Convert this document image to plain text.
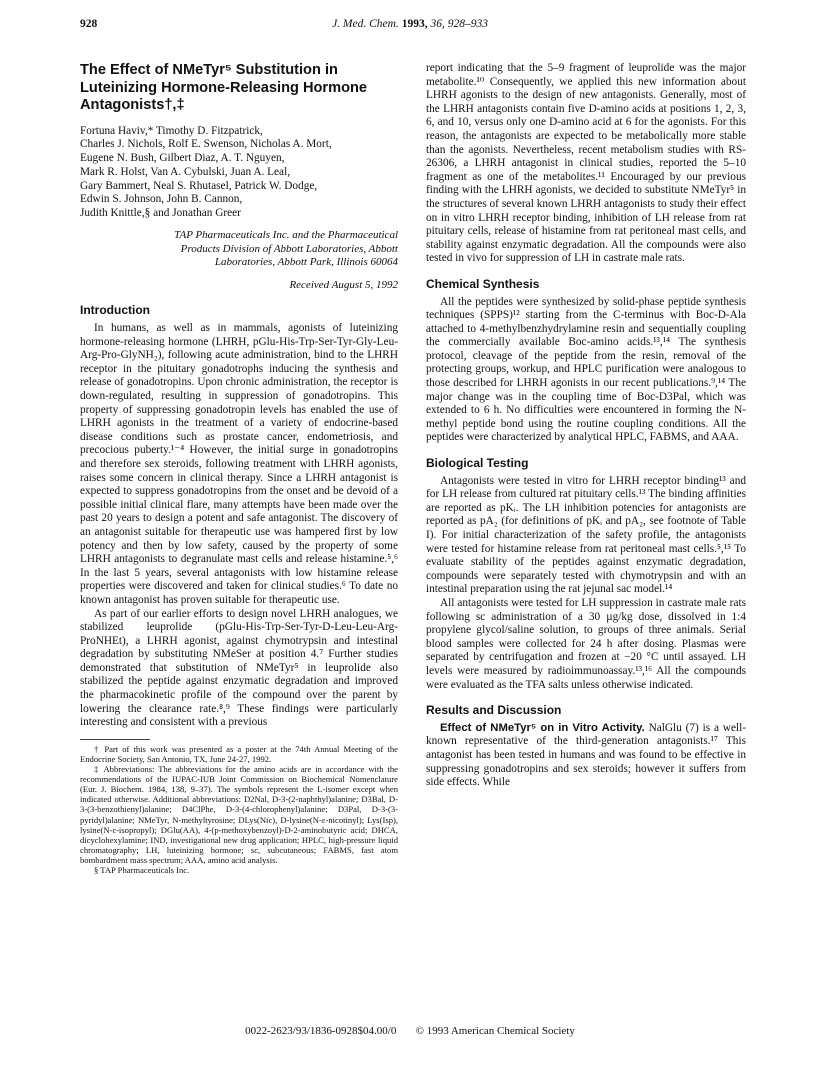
928	J. Med. Chem. 1993, 36, 928–933
The Effect of NMeTyr⁵ Substitution in Luteinizing Hormone-Releasing Hormone Antagonists†,‡
Fortuna Haviv,* Timothy D. Fitzpatrick,
Charles J. Nichols, Rolf E. Swenson, Nicholas A. Mort,
Eugene N. Bush, Gilbert Diaz, A. T. Nguyen,
Mark R. Holst, Van A. Cybulski, Juan A. Leal,
Gary Bammert, Neal S. Rhutasel, Patrick W. Dodge,
Edwin S. Johnson, John B. Cannon,
Judith Knittle,§ and Jonathan Greer
TAP Pharmaceuticals Inc. and the Pharmaceutical
Products Division of Abbott Laboratories, Abbott
Laboratories, Abbott Park, Illinois 60064
Received August 5, 1992
Introduction

In humans, as well as in mammals, agonists of luteinizing hormone-releasing hormone (LHRH, pGlu-His-Trp-Ser-Tyr-Gly-Leu-Arg-Pro-GlyNH₂), following acute administration, bind to the LHRH receptor in the pituitary gonadotrophs inducing the synthesis and release of gonadotropins. Upon chronic administration, the receptor is down-regulated, resulting in suppression of gonadotropins. This property of suppressing gonadotropin levels has enabled the use of LHRH agonists in the treatment of a variety of endocrine-based disease conditions such as prostate cancer, endometriosis, and precocious puberty.¹⁻⁴ However, the initial surge in gonadotropins and therefore sex steroids, following treatment with LHRH agonists, raises some concern in clinical therapy. Since a LHRH antagonist is expected to suppress gonadotropins from the onset and be devoid of a possible initial clinical flare, many attempts have been made over the past 20 years to design a potent and safe antagonist. The discovery of an antagonist suitable for therapeutic use was hampered first by low potency and then by low safety, caused by the property of some LHRH antagonists to degranulate mast cells and release histamine.⁵,⁶ In the last 5 years, several antagonists with low histamine release properties were discovered and taken for clinical studies.⁶ To date no known antagonist has proven suitable for therapeutic use.

As part of our earlier efforts to design novel LHRH analogues, we stabilized leuprolide (pGlu-His-Trp-Ser-Tyr-D-Leu-Leu-Arg-ProNHEt), a LHRH agonist, against chymotrypsin and intestinal degradation by substituting NMeSer at position 4.⁷ Further studies demonstrated that substitution of NMeTyr⁵ in leuprolide also stabilized the peptide against enzymatic degradation and improved the pharmacokinetic profile of the compound over the parent by lowering the clearance rate.⁸,⁹ These findings were particularly interesting and consistent with a previous

† Part of this work was presented as a poster at the 74th Annual Meeting of the Endocrine Society, San Antonio, TX, June 24-27, 1992.

‡ Abbreviations: The abbreviations for the amino acids are in accordance with the recommendations of the IUPAC-IUB Joint Commission on Biochemical Nomenclature (Eur. J. Biochem. 1984, 138, 9–37). The symbols represent the L-isomer except when indicated otherwise. Additional abbreviations: D2Nal, D-3-(2-naphthyl)alanine; D3Bal, D-3-(3-benzothienyl)alanine; D4ClPhe, D-3-(4-chlorophenyl)alanine; D3Pal, D-3-(3-pyridyl)alanine; NMeTyr, N-methyltyrosine; DLys(Nic), D-lysine(N-ε-nicotinyl); Lys(Isp), lysine(N-ε-isopropyl); DGlu(AA), 4-(p-methoxybenzoyl)-D-2-aminobutyric acid; DHCA, dicyclohexylamine; IND, investigational new drug application; HPLC, high-pressure liquid chromatography; LH, luteinizing hormone; sc, subcutaneous; FABMS, fast atom bombardment mass spectrum; AAA, amino acid analysis.

§ TAP Pharmaceuticals Inc.

report indicating that the 5–9 fragment of leuprolide was the major metabolite.¹⁰ Consequently, we applied this new information about LHRH agonists to the design of new antagonists. Generally, most of the LHRH antagonists contain five D-amino acids at positions 1, 2, 3, 6, and 10, versus only one D-amino acid at 6 for the agonists. For this reason, the antagonists are expected to be metabolically more stable than the agonists. Nevertheless, recent metabolism studies with RS-26306, a LHRH antagonist in clinical studies, reported the 5–10 fragment as one of the metabolites.¹¹ Encouraged by our previous finding with the LHRH agonists, we decided to substitute NMeTyr⁵ in the structures of several known LHRH antagonists to study their effect on in vitro LHRH receptor binding, inhibition of LH release from rat pituitary cells, release of histamine from rat peritoneal mast cells, and stability against enzymatic degradation. All the compounds were also tested in vivo for suppression of LH in castrate male rats.

Chemical Synthesis

All the peptides were synthesized by solid-phase peptide synthesis techniques (SPPS)¹² starting from the C-terminus with Boc-D-Ala attached to 4-methylbenzhydrylamine resin and sequentially coupling the commercially available Boc-amino acids.¹³,¹⁴ The synthesis protocol, cleavage of the peptide from the resin, removal of the protecting groups, workup, and HPLC purification were analogous to those described for LHRH agonists in our recent publications.⁹,¹⁴ The major change was in the coupling time of Boc-D3Pal, which was extended to 6 h. No difficulties were encountered in forming the N-methyl peptide bond using the routine coupling conditions. All the peptides were characterized by analytical HPLC, FABMS, and AAA.

Biological Testing

Antagonists were tested in vitro for LHRH receptor binding¹³ and for LH release from cultured rat pituitary cells.¹³ The binding affinities are reported as pKᵢ. The LH inhibition potencies for antagonists are reported as pA₂ (for definitions of pKᵢ and pA₂, see footnote of Table I). For initial characterization of the safety profile, the antagonists were tested for histamine release from rat peritoneal mast cells.⁵,¹⁵ To evaluate stability of the peptides against enzymatic degradation, compounds were separately tested with chymotrypsin and with an intestinal preparation using the rat jejunal sac model.¹⁴

All antagonists were tested for LH suppression in castrate male rats following sc administration of a 30 µg/kg dose, dissolved in 1:4 propylene glycol/saline solution, to groups of three animals. Serial blood samples were collected for 24 h after dosing. Plasmas were separated by centrifugation and frozen at −20 °C until assayed. LH levels were measured by radioimmunoassay.¹³,¹⁶ All the compounds were evaluated as the TFA salts unless otherwise indicated.

Results and Discussion

Effect of NMeTyr⁵ on in Vitro Activity. NalGlu (7) is a well-known representative of the third-generation antagonists.¹⁷ This antagonist has been tested in humans and was found to be effective in suppressing gonadotropins and sex steroids; however it suffers from side effects. While

0022-2623/93/1836-0928$04.00/0 © 1993 American Chemical Society
